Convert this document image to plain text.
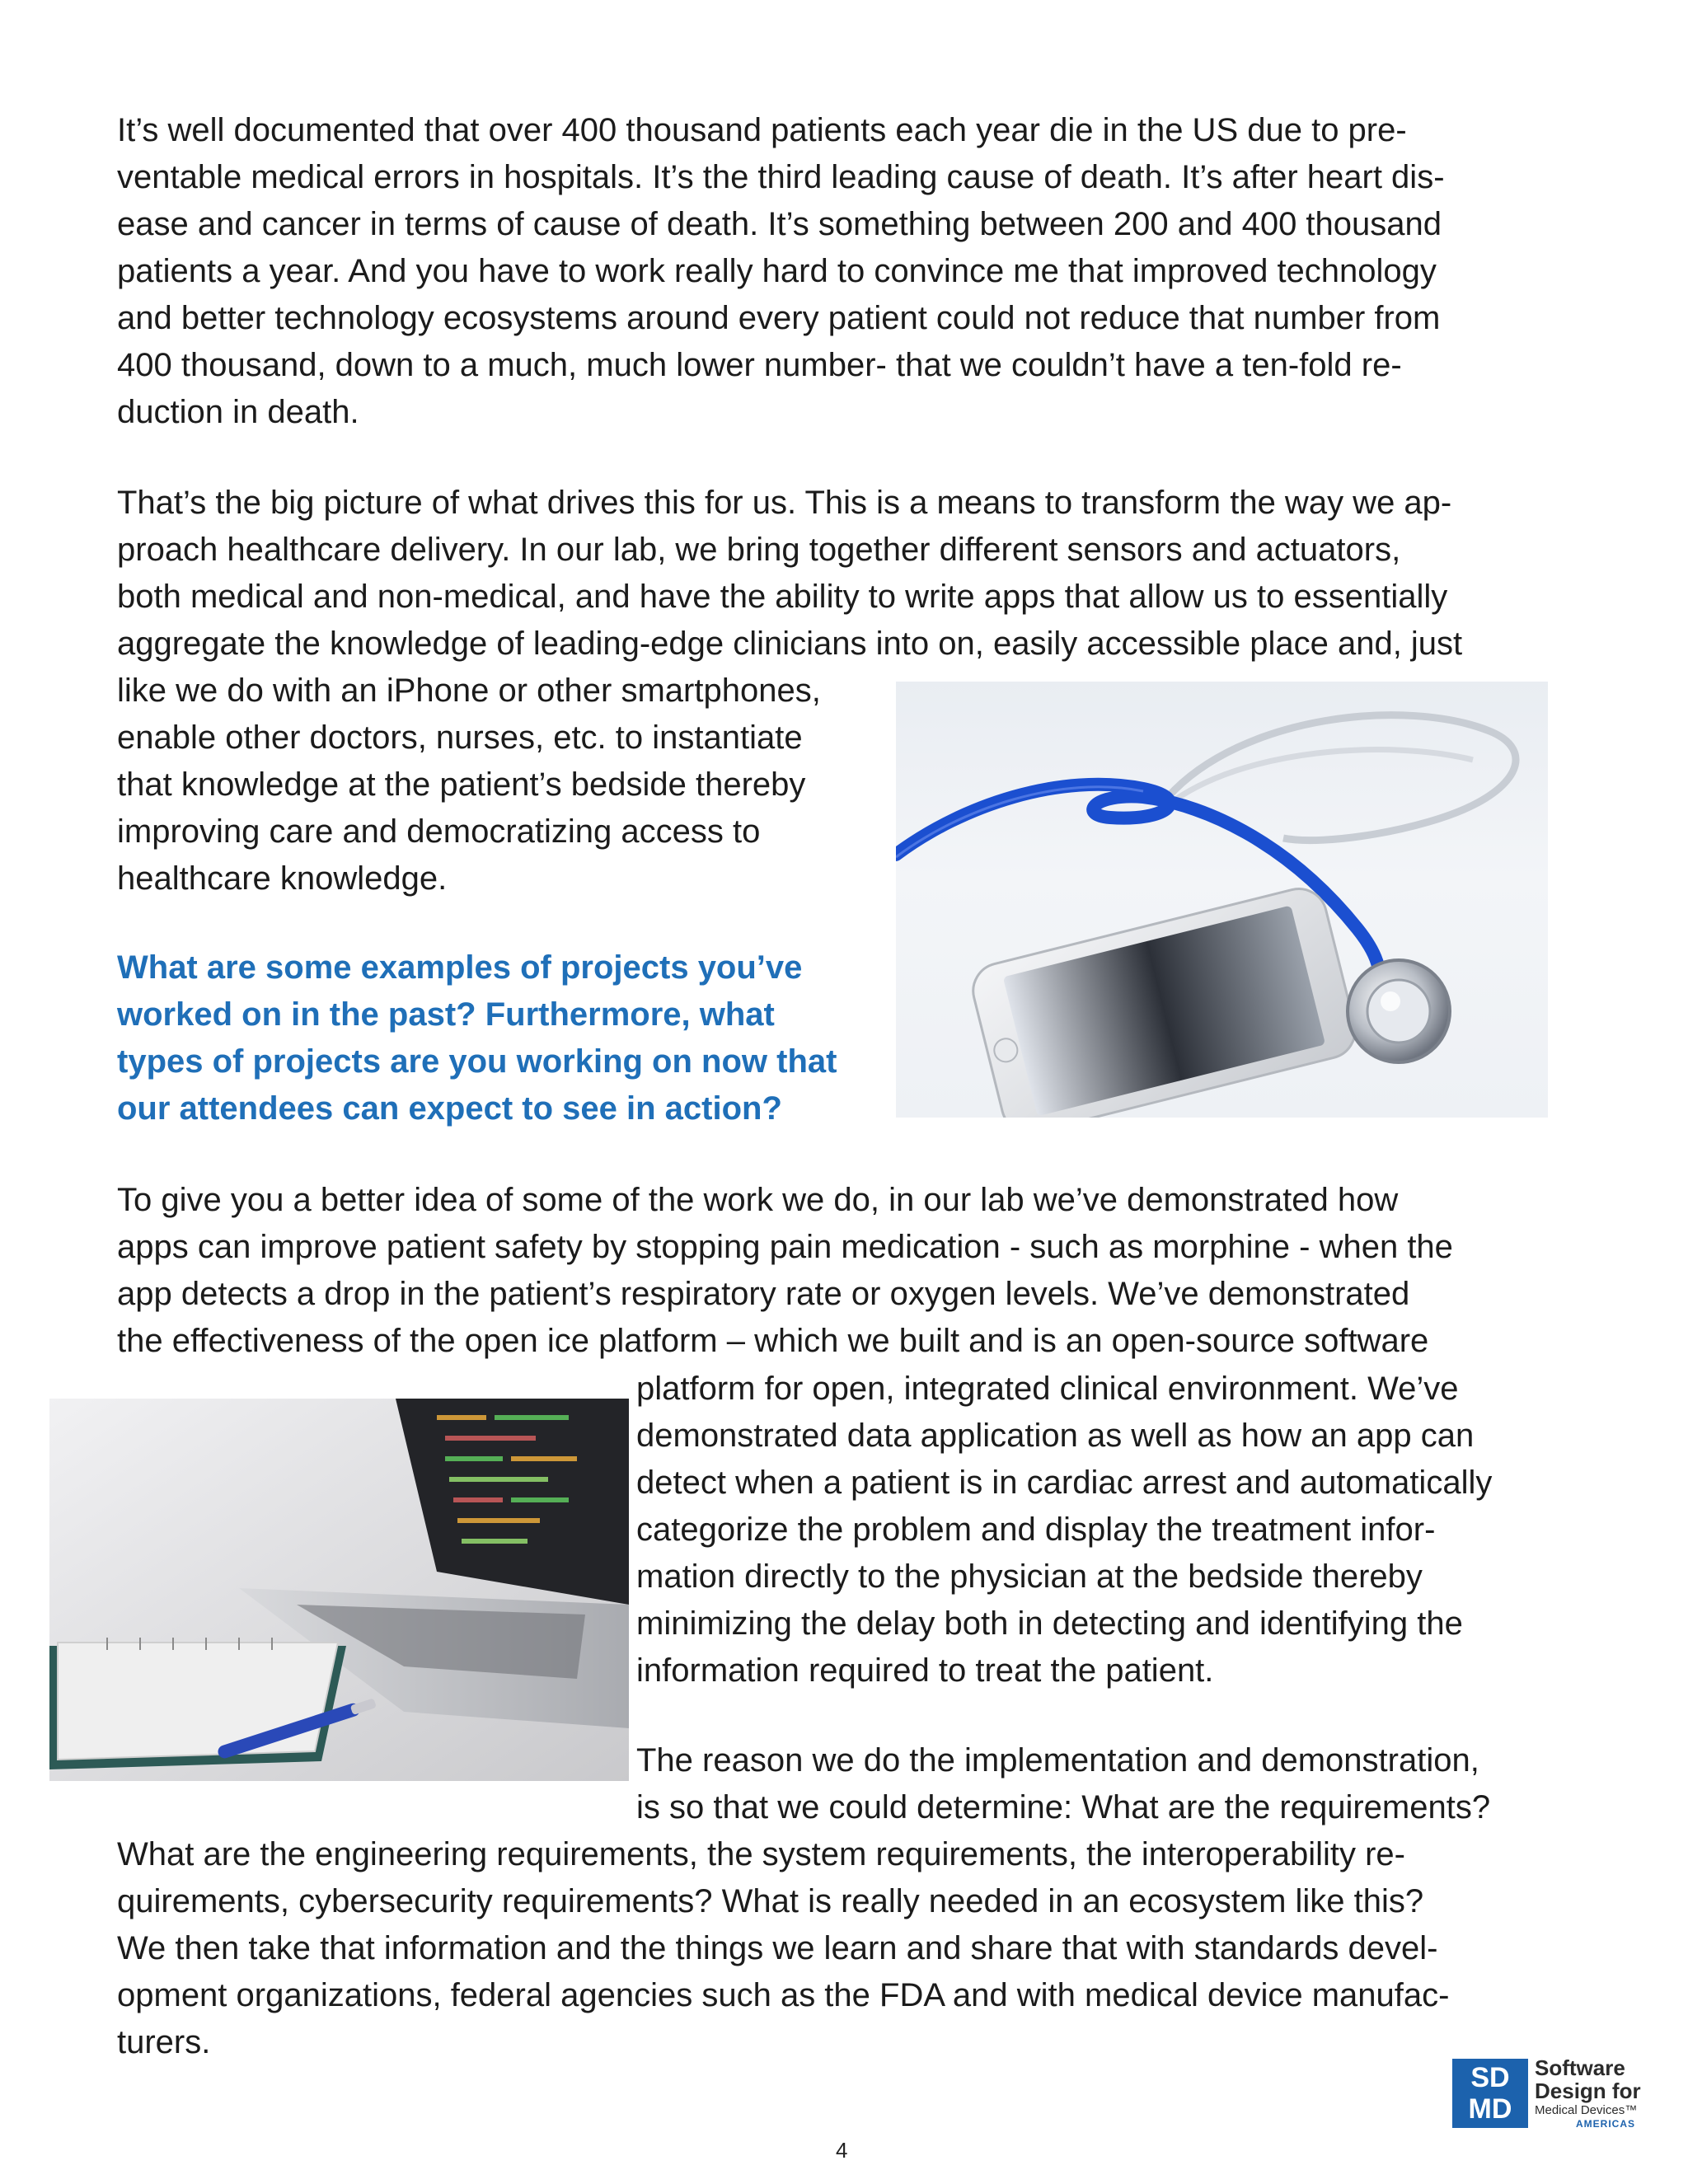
It’s well documented that over 400 thousand patients each year die in the US due to pre-
ventable medical errors in hospitals. It’s the third leading cause of death. It’s after heart dis-
ease and cancer in terms of cause of death. It’s something between 200 and 400 thousand
patients a year. And you have to work really hard to convince me that improved technology
and better technology ecosystems around every patient could not reduce that number from
400 thousand, down to a much, much lower number- that we couldn’t have a ten-fold re-
duction in death.
That’s the big picture of what drives this for us. This is a means to transform the way we ap-
proach healthcare delivery. In our lab, we bring together different sensors and actuators,
both medical and non-medical, and have the ability to write apps that allow us to essentially
aggregate the knowledge of leading-edge clinicians into on, easily accessible place and, just
like we do with an iPhone or other smartphones,
enable other doctors, nurses, etc. to instantiate
that knowledge at the patient’s bedside thereby
improving care and democratizing access to
healthcare knowledge.
What are some examples of projects you’ve
worked on in the past? Furthermore, what
types of projects are you working on now that
our attendees can expect to see in action?
To give you a better idea of some of the work we do, in our lab we’ve demonstrated how
apps can improve patient safety by stopping pain medication - such as morphine - when the
app detects a drop in the patient’s respiratory rate or oxygen levels. We’ve demonstrated
the effectiveness of the open ice platform – which we built and is an open-source software
platform for open, integrated clinical environment. We’ve
demonstrated data application as well as how an app can
detect when a patient is in cardiac arrest and automatically
categorize the problem and display the treatment infor-
mation directly to the physician at the bedside thereby
minimizing the delay both in detecting and identifying the
information required to treat the patient.
The reason we do the implementation and demonstration,
is so that we could determine: What are the requirements?
What are the engineering requirements, the system requirements, the interoperability re-
quirements, cybersecurity requirements? What is really needed in an ecosystem like this?
We then take that information and the things we learn and share that with standards devel-
opment organizations, federal agencies such as the FDA and with medical device manufac-
turers.
SD
MD
Software
Design for
Medical Devices™
AMERICAS
4
